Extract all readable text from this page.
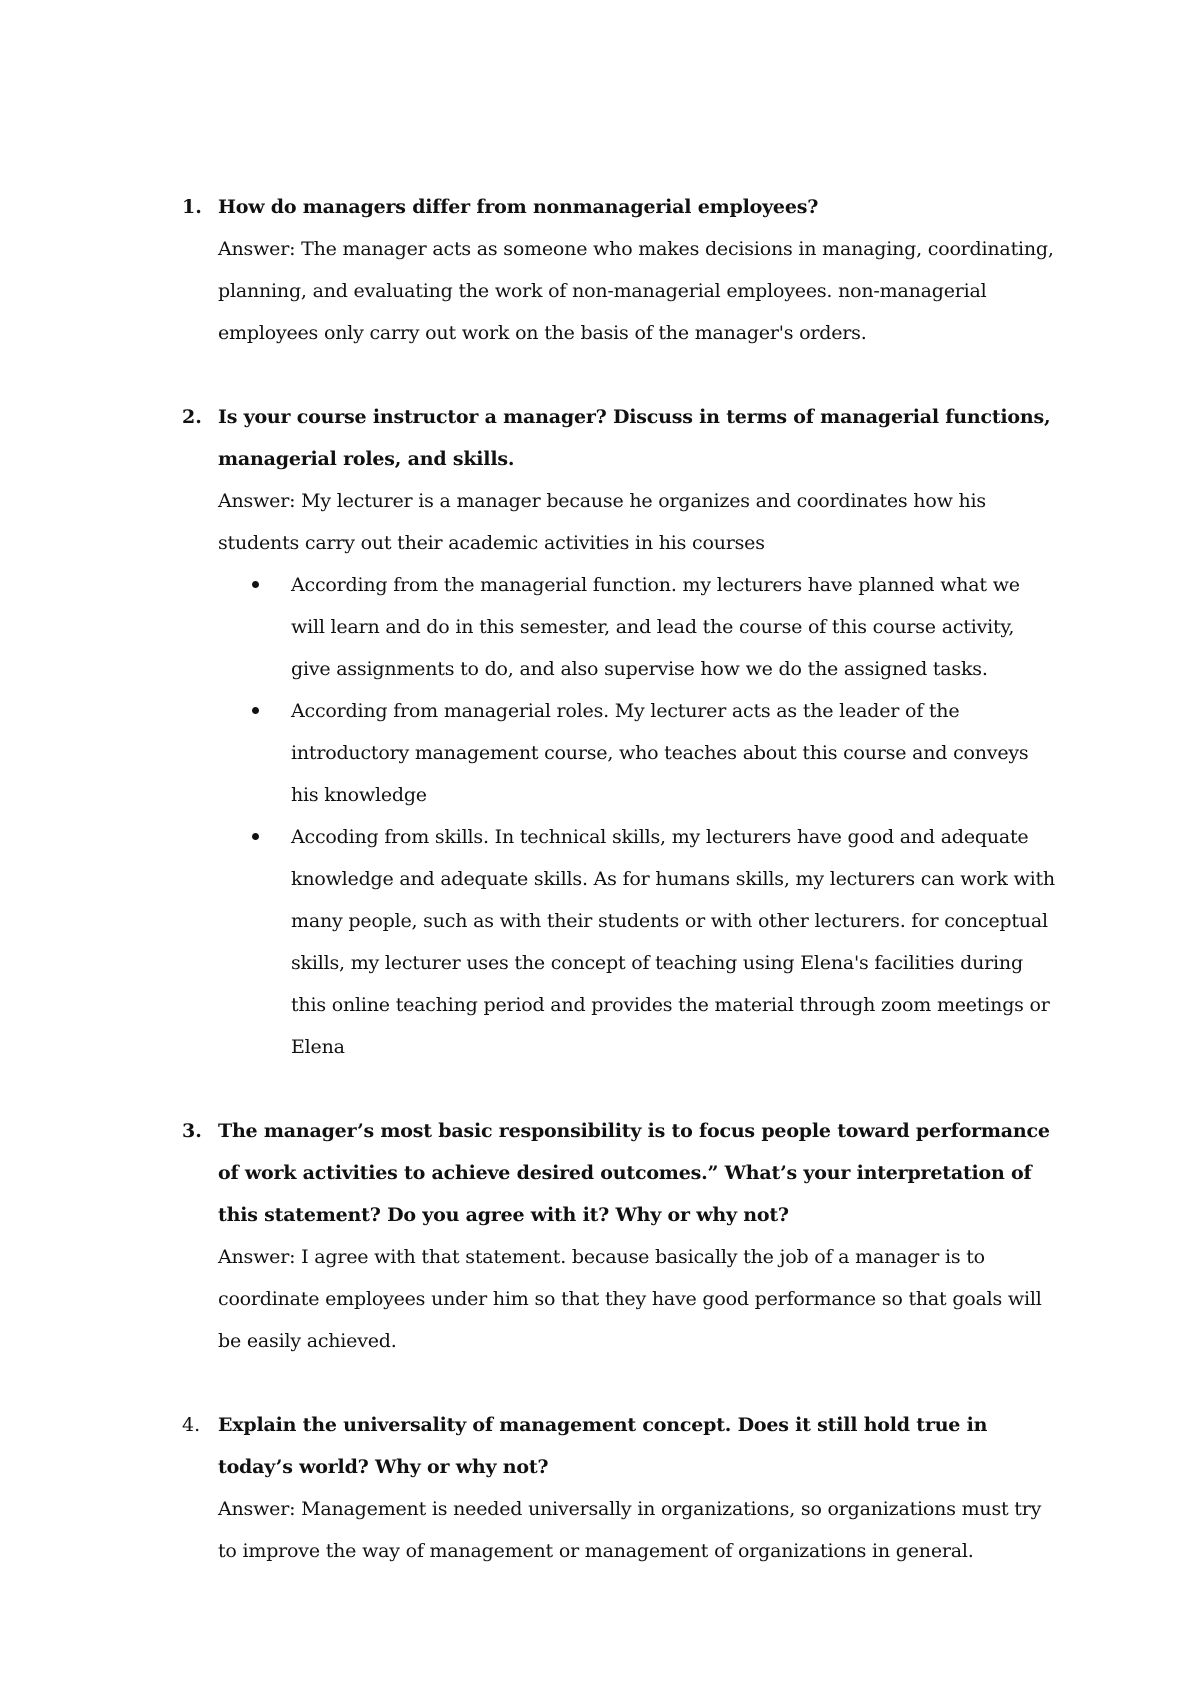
1. How do managers differ from nonmanagerial employees?

Answer: The manager acts as someone who makes decisions in managing, coordinating, planning, and evaluating the work of non-managerial employees. non-managerial employees only carry out work on the basis of the manager's orders.

2. Is your course instructor a manager? Discuss in terms of managerial functions, managerial roles, and skills.

Answer: My lecturer is a manager because he organizes and coordinates how his students carry out their academic activities in his courses

According from the managerial function. my lecturers have planned what we will learn and do in this semester, and lead the course of this course activity, give assignments to do, and also supervise how we do the assigned tasks.
According from managerial roles. My lecturer acts as the leader of the introductory management course, who teaches about this course and conveys his knowledge
Accoding from skills. In technical skills, my lecturers have good and adequate knowledge and adequate skills. As for humans skills, my lecturers can work with many people, such as with their students or with other lecturers. for conceptual skills, my lecturer uses the concept of teaching using Elena's facilities during this online teaching period and provides the material through zoom meetings or Elena
3. The manager’s most basic responsibility is to focus people toward performance of work activities to achieve desired outcomes.” What’s your interpretation of this statement? Do you agree with it? Why or why not?

Answer: I agree with that statement. because basically the job of a manager is to coordinate employees under him so that they have good performance so that goals will be easily achieved.

4. Explain the universality of management concept. Does it still hold true in today’s world? Why or why not?

Answer: Management is needed universally in organizations, so organizations must try to improve the way of management or management of organizations in general.
